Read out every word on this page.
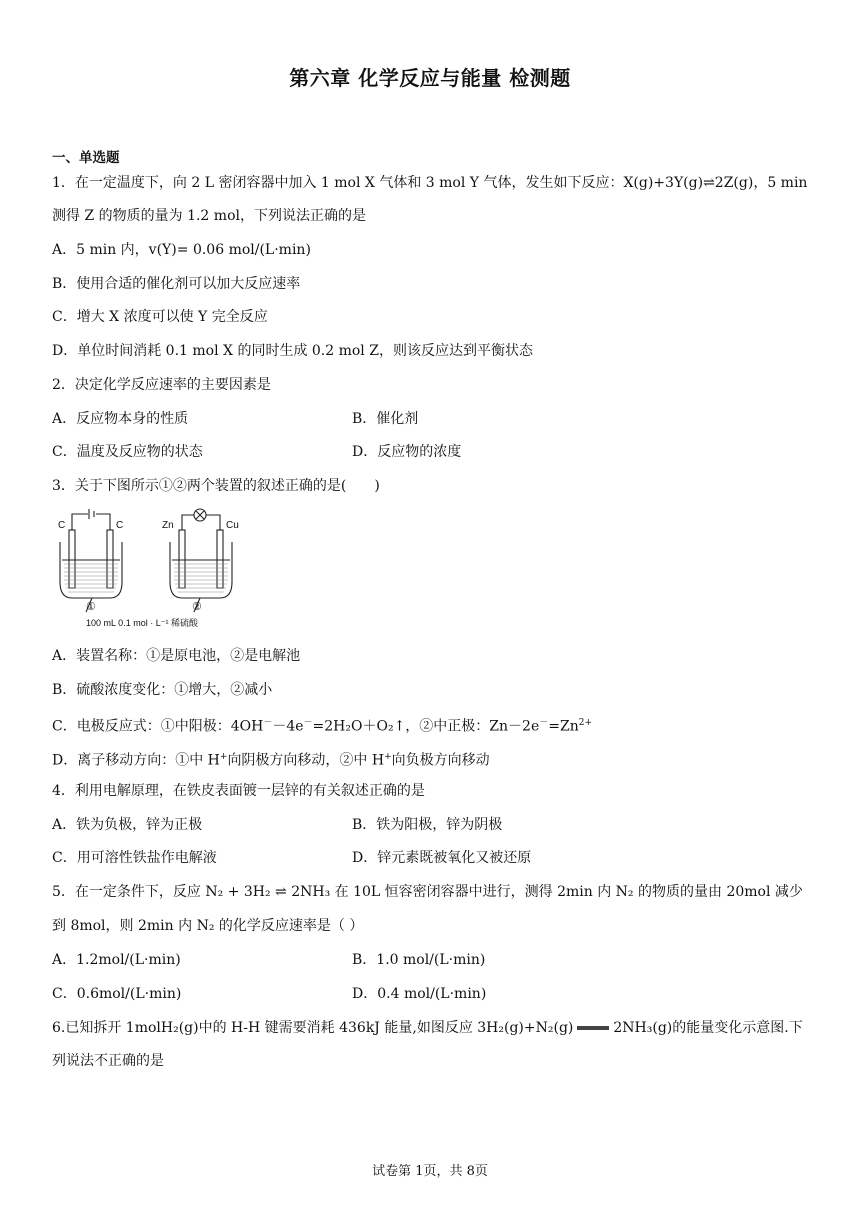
第六章 化学反应与能量 检测题
一、单选题
1．在一定温度下，向 2 L 密闭容器中加入 1 mol X 气体和 3 mol Y 气体，发生如下反应：X(g)+3Y(g)⇌2Z(g)，5 min
测得 Z 的物质的量为 1.2 mol，下列说法正确的是
A．5 min 内，v(Y)= 0.06 mol/(L·min)
B．使用合适的催化剂可以加大反应速率
C．增大 X 浓度可以使 Y 完全反应
D．单位时间消耗 0.1 mol X 的同时生成 0.2 mol Z，则该反应达到平衡状态
2．决定化学反应速率的主要因素是
A．反应物本身的性质	B．催化剂
C．温度及反应物的状态	D．反应物的浓度
3．关于下图所示①②两个装置的叙述正确的是(　　)
C	C	Zn	Cu
①	②
100 mL 0.1 mol · L⁻¹ 稀硫酸
A．装置名称：①是原电池，②是电解池
B．硫酸浓度变化：①增大，②减小
C．电极反应式：①中阳极：4OH－－4e－=2H₂O＋O₂↑，②中正极：$Zn-2e^-=Zn^{2+}$
D．离子移动方向：①中 H+向阴极方向移动，②中 H+向负极方向移动
4．利用电解原理，在铁皮表面镀一层锌的有关叙述正确的是
A．铁为负极，锌为正极	B．铁为阳极，锌为阴极
C．用可溶性铁盐作电解液	D．锌元素既被氧化又被还原
5．在一定条件下，反应 N₂ + 3H₂ ⇌ 2NH₃ 在 10L 恒容密闭容器中进行，测得 2min 内 N₂ 的物质的量由 20mol 减少
到 8mol，则 2min 内 N₂ 的化学反应速率是（ ）
A．1.2mol/(L·min)	B．1.0 mol/(L·min)
C．0.6mol/(L·min)	D．0.4 mol/(L·min)
6.已知拆开 1molH₂(g)中的 H-H 键需要消耗 436kJ 能量,如图反应 3H₂(g)+N₂(g)	2NH₃(g)的能量变化示意图.下
列说法不正确的是
试卷第 1页，共 8页
